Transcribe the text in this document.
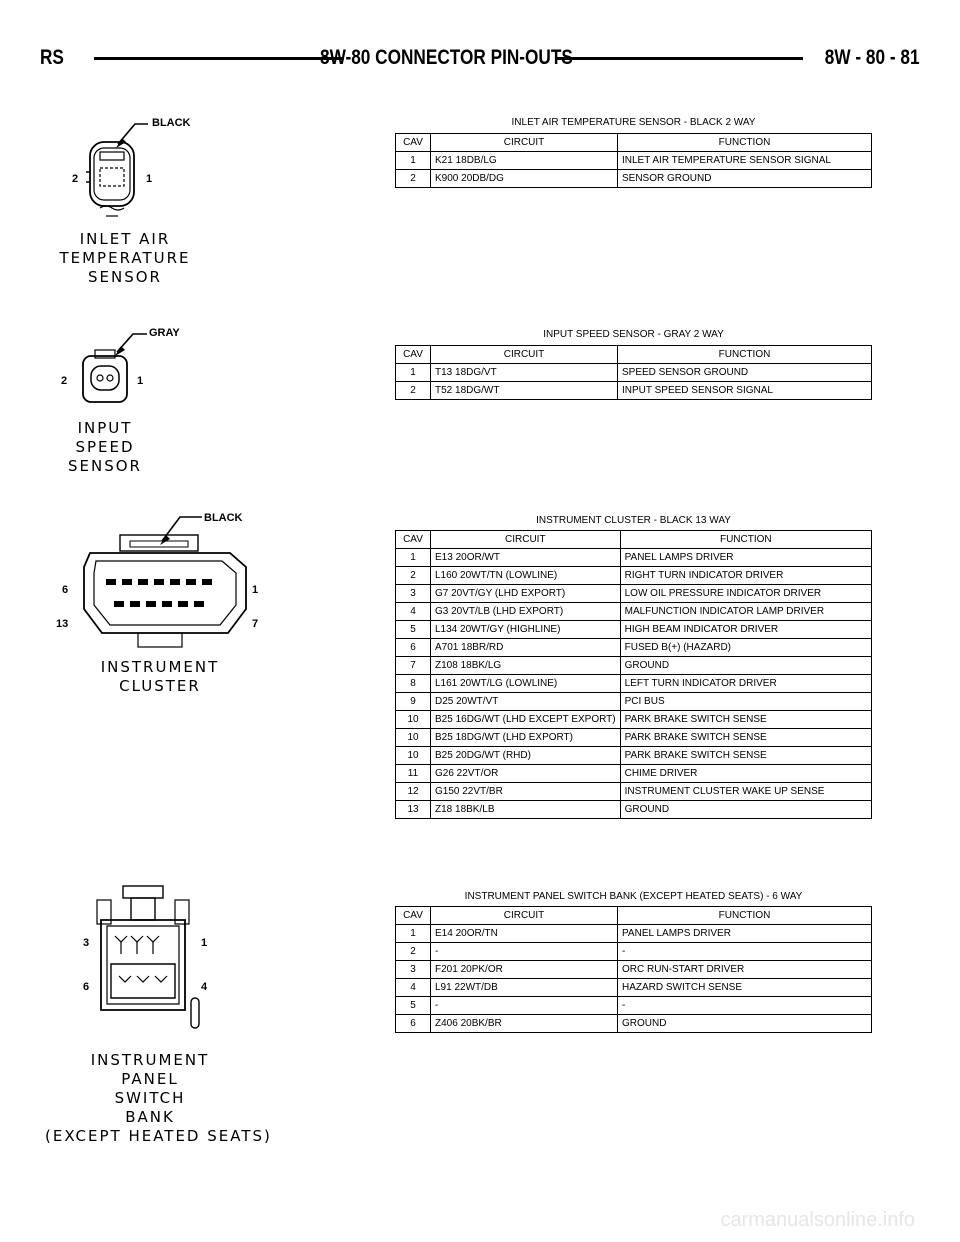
RS	8W-80 CONNECTOR PIN-OUTS	8W - 80 - 81
BLACK
2	1
INLET AIR
TEMPERATURE
SENSOR
INLET AIR TEMPERATURE SENSOR - BLACK 2 WAY
CAV	CIRCUIT	FUNCTION
1	K21 18DB/LG	INLET AIR TEMPERATURE SENSOR SIGNAL
2	K900 20DB/DG	SENSOR GROUND
GRAY
2	1
INPUT
SPEED
SENSOR
INPUT SPEED SENSOR - GRAY 2 WAY
CAV	CIRCUIT	FUNCTION
1	T13 18DG/VT	SPEED SENSOR GROUND
2	T52 18DG/WT	INPUT SPEED SENSOR SIGNAL
BLACK
6	1
13	7
INSTRUMENT
CLUSTER
INSTRUMENT CLUSTER - BLACK 13 WAY
CAV	CIRCUIT	FUNCTION
1	E13 20OR/WT	PANEL LAMPS DRIVER
2	L160 20WT/TN (LOWLINE)	RIGHT TURN INDICATOR DRIVER
3	G7 20VT/GY (LHD EXPORT)	LOW OIL PRESSURE INDICATOR DRIVER
4	G3 20VT/LB (LHD EXPORT)	MALFUNCTION INDICATOR LAMP DRIVER
5	L134 20WT/GY (HIGHLINE)	HIGH BEAM INDICATOR DRIVER
6	A701 18BR/RD	FUSED B(+) (HAZARD)
7	Z108 18BK/LG	GROUND
8	L161 20WT/LG (LOWLINE)	LEFT TURN INDICATOR DRIVER
9	D25 20WT/VT	PCI BUS
10	B25 16DG/WT (LHD EXCEPT EXPORT)	PARK BRAKE SWITCH SENSE
10	B25 18DG/WT (LHD EXPORT)	PARK BRAKE SWITCH SENSE
10	B25 20DG/WT (RHD)	PARK BRAKE SWITCH SENSE
11	G26 22VT/OR	CHIME DRIVER
12	G150 22VT/BR	INSTRUMENT CLUSTER WAKE UP SENSE
13	Z18 18BK/LB	GROUND
3	1
6	4
INSTRUMENT
PANEL
SWITCH
BANK
(EXCEPT HEATED SEATS)
INSTRUMENT PANEL SWITCH BANK (EXCEPT HEATED SEATS) - 6 WAY
CAV	CIRCUIT	FUNCTION
1	E14 20OR/TN	PANEL LAMPS DRIVER
2	-	-
3	F201 20PK/OR	ORC RUN-START DRIVER
4	L91 22WT/DB	HAZARD SWITCH SENSE
5	-	-
6	Z406 20BK/BR	GROUND
carmanualsonline.info
